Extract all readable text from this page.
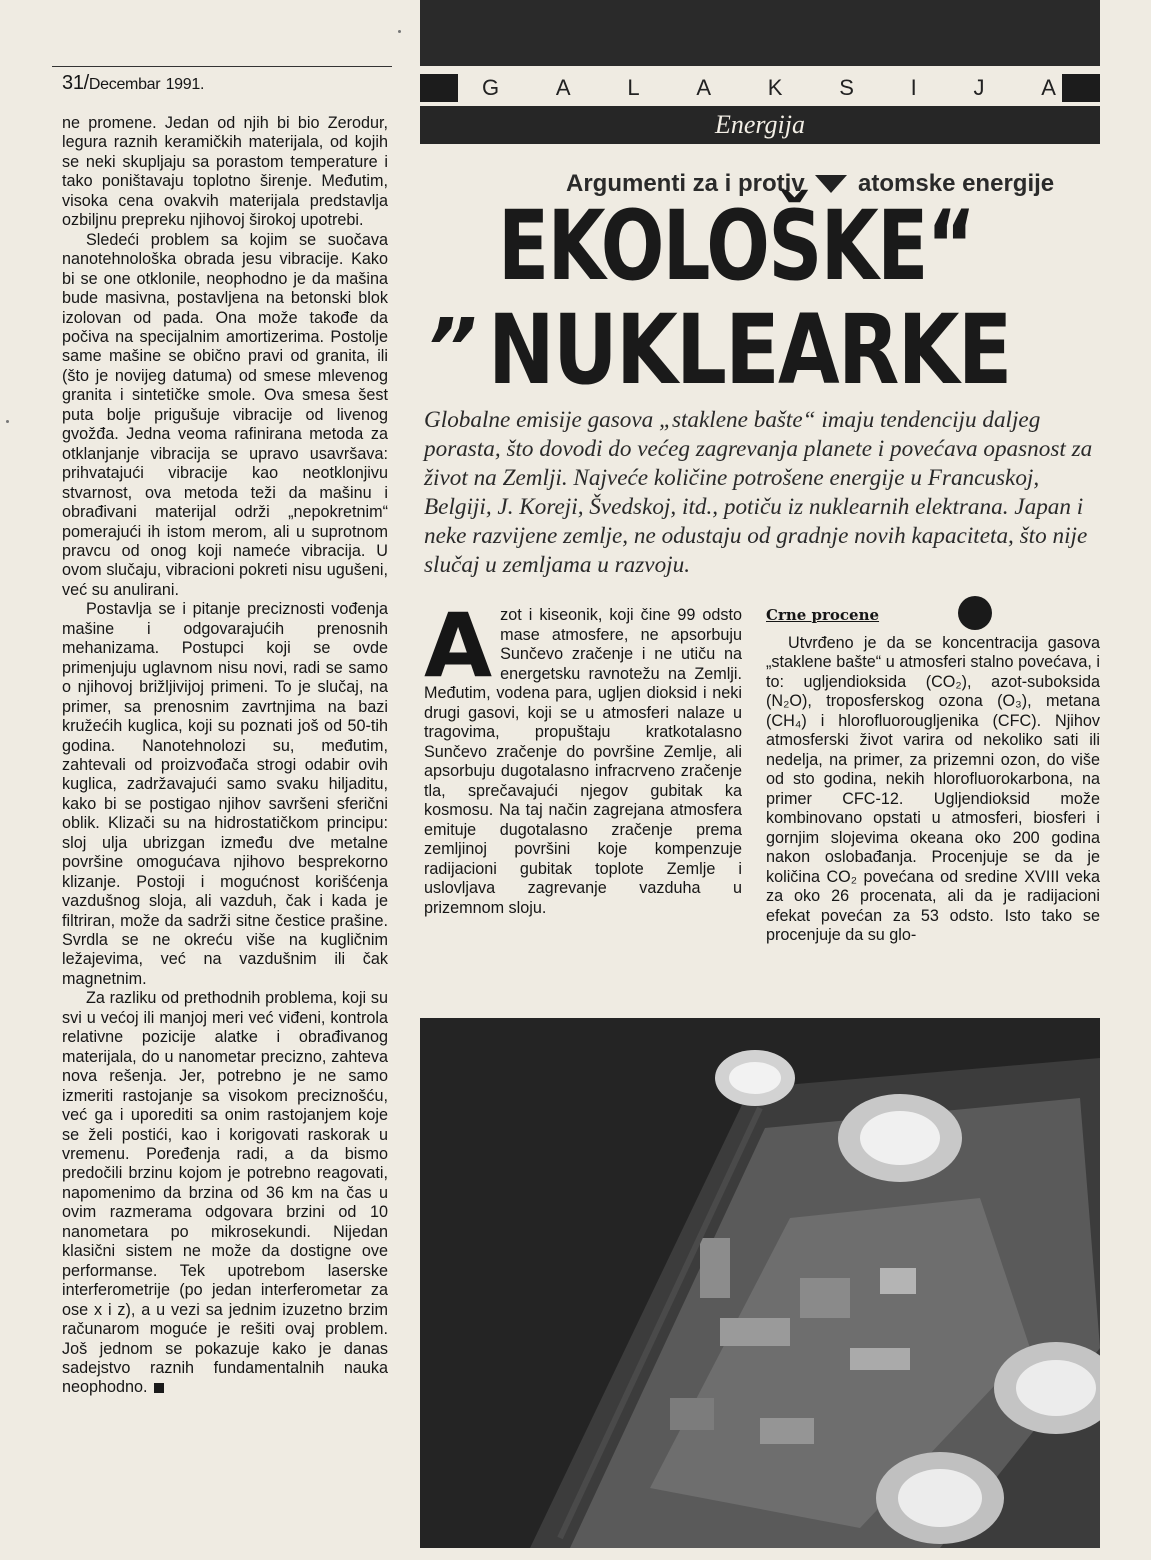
31/Decembar 1991.	G A L A K S I J A
Energija

ne promene. Jedan od njih bi bio Zerodur, legura raznih keramičkih materijala, od kojih se neki skupljaju sa porastom temperature i tako poništavaju toplotno širenje. Međutim, visoka cena ovakvih materijala predstavlja ozbiljnu prepreku njihovoj širokoj upotrebi.

Sledeći problem sa kojim se suočava nanotehnološka obrada jesu vibracije. Kako bi se one otklonile, neophodno je da mašina bude masivna, postavljena na betonski blok izolovan od pada. Ona može takođe da počiva na specijalnim amortizerima. Postolje same mašine se obično pravi od granita, ili (što je novijeg datuma) od smese mlevenog granita i sintetičke smole. Ova smesa šest puta bolje prigušuje vibracije od livenog gvožđa. Jedna veoma rafinirana metoda za otklanjanje vibracija se upravo usavršava: prihvatajući vibracije kao neotklonjivu stvarnost, ova metoda teži da mašinu i obrađivani materijal održi „nepokretnim“ pomerajući ih istom merom, ali u suprotnom pravcu od onog koji nameće vibracija. U ovom slučaju, vibracioni pokreti nisu ugušeni, već su anulirani.

Postavlja se i pitanje preciznosti vođenja mašine i odgovarajućih prenosnih mehanizama. Postupci koji se ovde primenjuju uglavnom nisu novi, radi se samo o njihovoj brižljivijoj primeni. To je slučaj, na primer, sa prenosnim zavrtnjima na bazi kružećih kuglica, koji su poznati još od 50-tih godina. Nanotehnolozi su, međutim, zahtevali od proizvođača strogi odabir ovih kuglica, zadržavajući samo svaku hiljaditu, kako bi se postigao njihov savršeni sferični oblik. Klizači su na hidrostatičkom principu: sloj ulja ubrizgan između dve metalne površine omogućava njihovo besprekorno klizanje. Postoji i mogućnost korišćenja vazdušnog sloja, ali vazduh, čak i kada je filtriran, može da sadrži sitne čestice prašine. Svrdla se ne okreću više na kugličnim ležajevima, već na vazdušnim ili čak magnetnim.

Za razliku od prethodnih problema, koji su svi u većoj ili manjoj meri već viđeni, kontrola relativne pozicije alatke i obrađivanog materijala, do u nanometar precizno, zahteva nova rešenja. Jer, potrebno je ne samo izmeriti rastojanje sa visokom preciznošću, već ga i uporediti sa onim rastojanjem koje se želi postići, kao i korigovati raskorak u vremenu. Poređenja radi, a da bismo predočili brzinu kojom je potrebno reagovati, napomenimo da brzina od 36 km na čas u ovim razmerama odgovara brzini od 10 nanometara po mikrosekundi. Nijedan klasični sistem ne može da dostigne ove performanse. Tek upotrebom laserske interferometrije (po jedan interferometar za ose x i z), a u vezi sa jednim izuzetno brzim računarom moguće je rešiti ovaj problem. Još jednom se pokazuje kako je danas sadejstvo raznih fundamentalnih nauka neophodno.

Argumenti za i protiv atomske energije
EKOLOŠKE“
„ NUKLEARKE
Globalne emisije gasova „staklene bašte“ imaju tendenciju daljeg porasta, što dovodi do većeg zagrevanja planete i povećava opasnost za život na Zemlji. Najveće količine potrošene energije u Francuskoj, Belgiji, J. Koreji, Švedskoj, itd., potiču iz nuklearnih elektrana. Japan i neke razvijene zemlje, ne odustaju od gradnje novih kapaciteta, što nije slučaj u zemljama u razvoju.

Azot i kiseonik, koji čine 99 odsto mase atmosfere, ne apsorbuju Sunčevo zračenje i ne utiču na energetsku ravnotežu na Zemlji. Međutim, vodena para, ugljen dioksid i neki drugi gasovi, koji se u atmosferi nalaze u tragovima, propuštaju kratkotalasno Sunčevo zračenje do površine Zemlje, ali apsorbuju dugotalasno infracrveno zračenje tla, sprečavajući njegov gubitak ka kosmosu. Na taj način zagrejana atmosfera emituje dugotalasno zračenje prema zemljinoj površini koje kompenzuje radijacioni gubitak toplote Zemlje i uslovljava zagrevanje vazduha u prizemnom sloju.

Crne procene

Utvrđeno je da se koncentracija gasova „staklene bašte“ u atmosferi stalno povećava, i to: ugljendioksida (CO₂), azot-suboksida (N₂O), troposferskog ozona (O₃), metana (CH₄) i hlorofluorougljenika (CFC). Njihov atmosferski život varira od nekoliko sati ili nedelja, na primer, za prizemni ozon, do više od sto godina, nekih hlorofluorokarbona, na primer CFC-12. Ugljendioksid može kombinovano opstati u atmosferi, biosferi i gornjim slojevima okeana oko 200 godina nakon oslobađanja. Procenjuje se da je količina CO₂ povećana od sredine XVIII veka za oko 26 procenata, ali da je radijacioni efekat povećan za 53 odsto. Isto tako se procenjuje da su glo-
